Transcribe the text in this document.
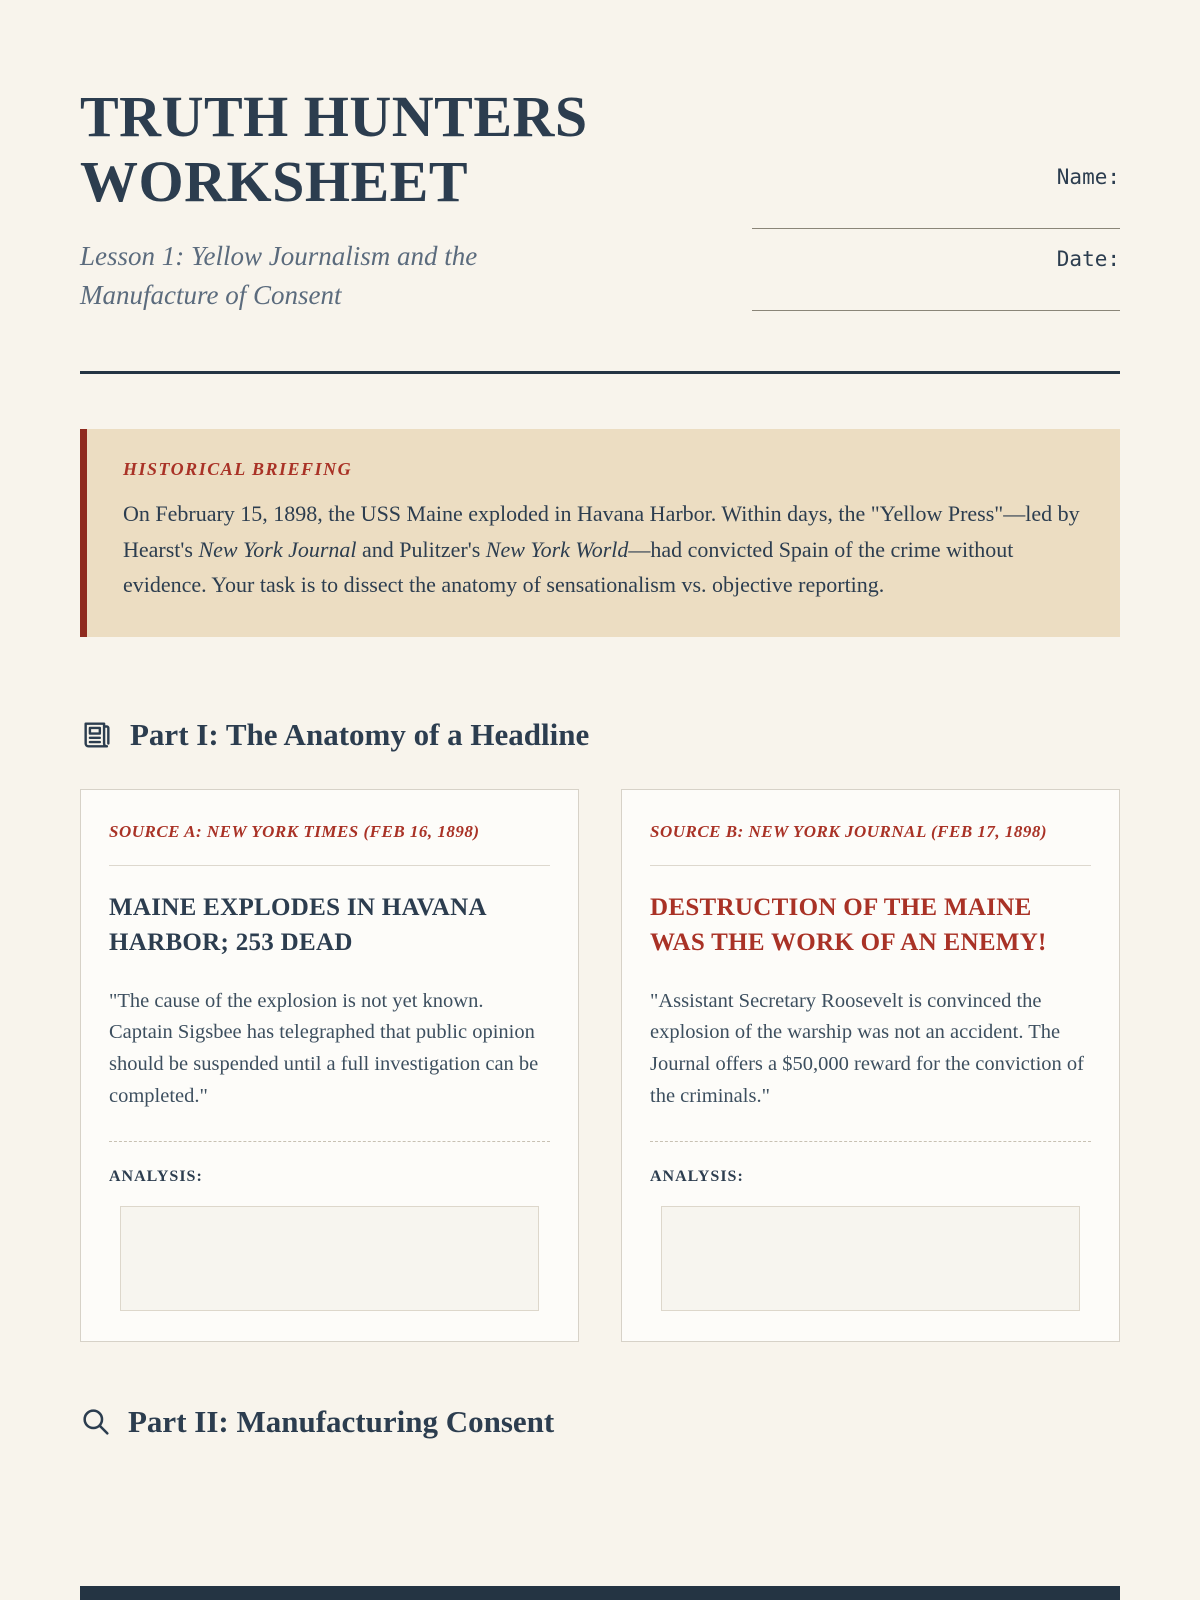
TRUTH HUNTERS WORKSHEET

Lesson 1: Yellow Journalism and the Manufacture of Consent

Name:
Date:
HISTORICAL BRIEFING

On February 15, 1898, the USS Maine exploded in Havana Harbor. Within days, the "Yellow Press"—led by Hearst's New York Journal and Pulitzer's New York World—had convicted Spain of the crime without evidence. Your task is to dissect the anatomy of sensationalism vs. objective reporting.

Part I: The Anatomy of a Headline
SOURCE A: NEW YORK TIMES (FEB 16, 1898)
MAINE EXPLODES IN HAVANA HARBOR; 253 DEAD

"The cause of the explosion is not yet known. Captain Sigsbee has telegraphed that public opinion should be suspended until a full investigation can be completed."

ANALYSIS:
SOURCE B: NEW YORK JOURNAL (FEB 17, 1898)
DESTRUCTION OF THE MAINE WAS THE WORK OF AN ENEMY!

"Assistant Secretary Roosevelt is convinced the explosion of the warship was not an accident. The Journal offers a $50,000 reward for the conviction of the criminals."

ANALYSIS:
Part II: Manufacturing Consent
